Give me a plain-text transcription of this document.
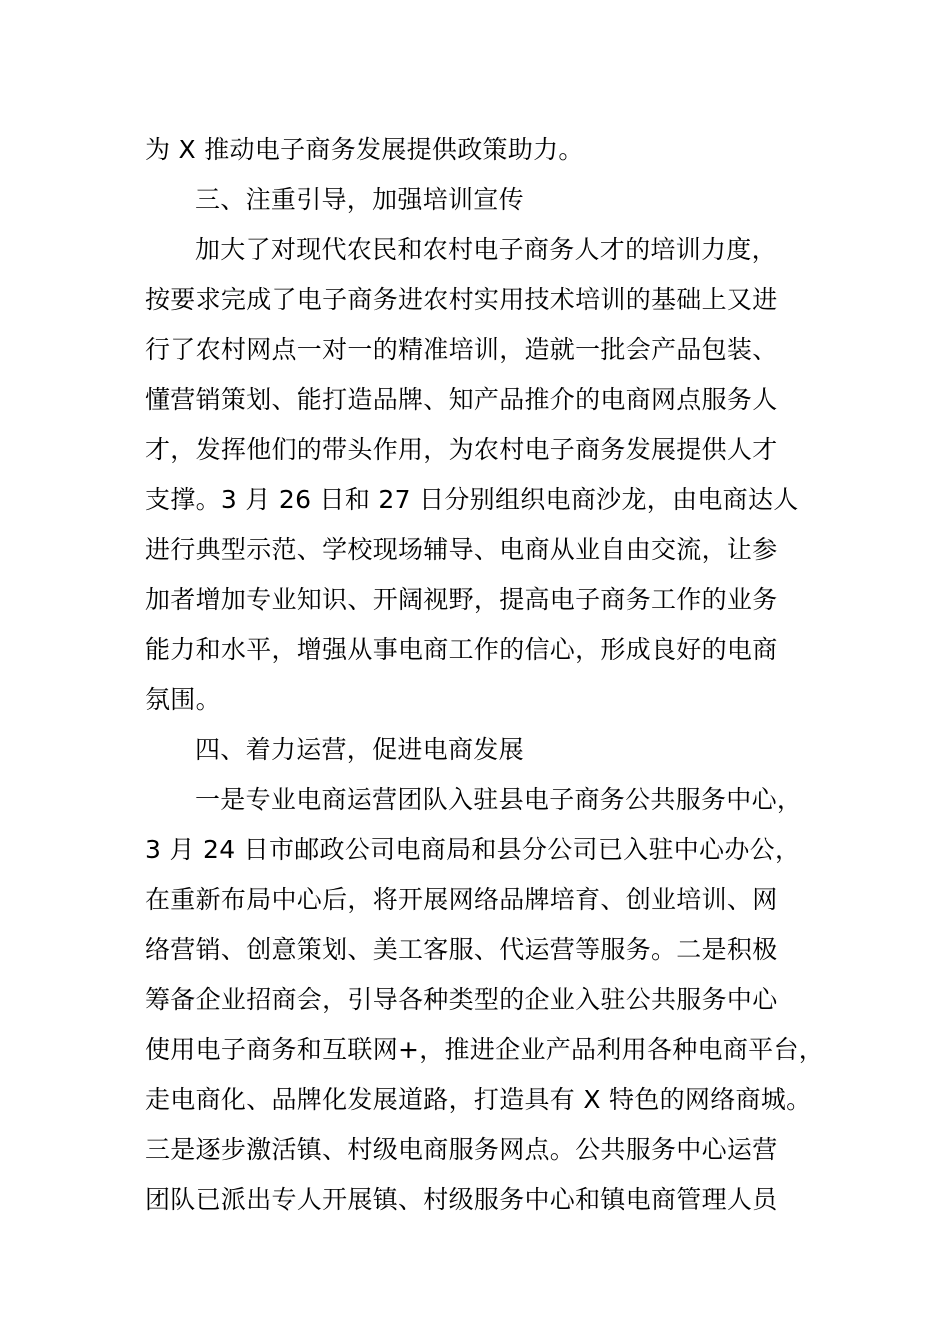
为 X 推动电子商务发展提供政策助力。
三、注重引导，加强培训宣传
加大了对现代农民和农村电子商务人才的培训力度，
按要求完成了电子商务进农村实用技术培训的基础上又进
行了农村网点一对一的精准培训，造就一批会产品包装、
懂营销策划、能打造品牌、知产品推介的电商网点服务人
才，发挥他们的带头作用，为农村电子商务发展提供人才
支撑。3 月 26 日和 27 日分别组织电商沙龙，由电商达人
进行典型示范、学校现场辅导、电商从业自由交流，让参
加者增加专业知识、开阔视野，提高电子商务工作的业务
能力和水平，增强从事电商工作的信心，形成良好的电商
氛围。
四、着力运营，促进电商发展
一是专业电商运营团队入驻县电子商务公共服务中心，
3 月 24 日市邮政公司电商局和县分公司已入驻中心办公，
在重新布局中心后，将开展网络品牌培育、创业培训、网
络营销、创意策划、美工客服、代运营等服务。二是积极
筹备企业招商会，引导各种类型的企业入驻公共服务中心
使用电子商务和互联网+，推进企业产品利用各种电商平台，
走电商化、品牌化发展道路，打造具有 X 特色的网络商城。
三是逐步激活镇、村级电商服务网点。公共服务中心运营
团队已派出专人开展镇、村级服务中心和镇电商管理人员
